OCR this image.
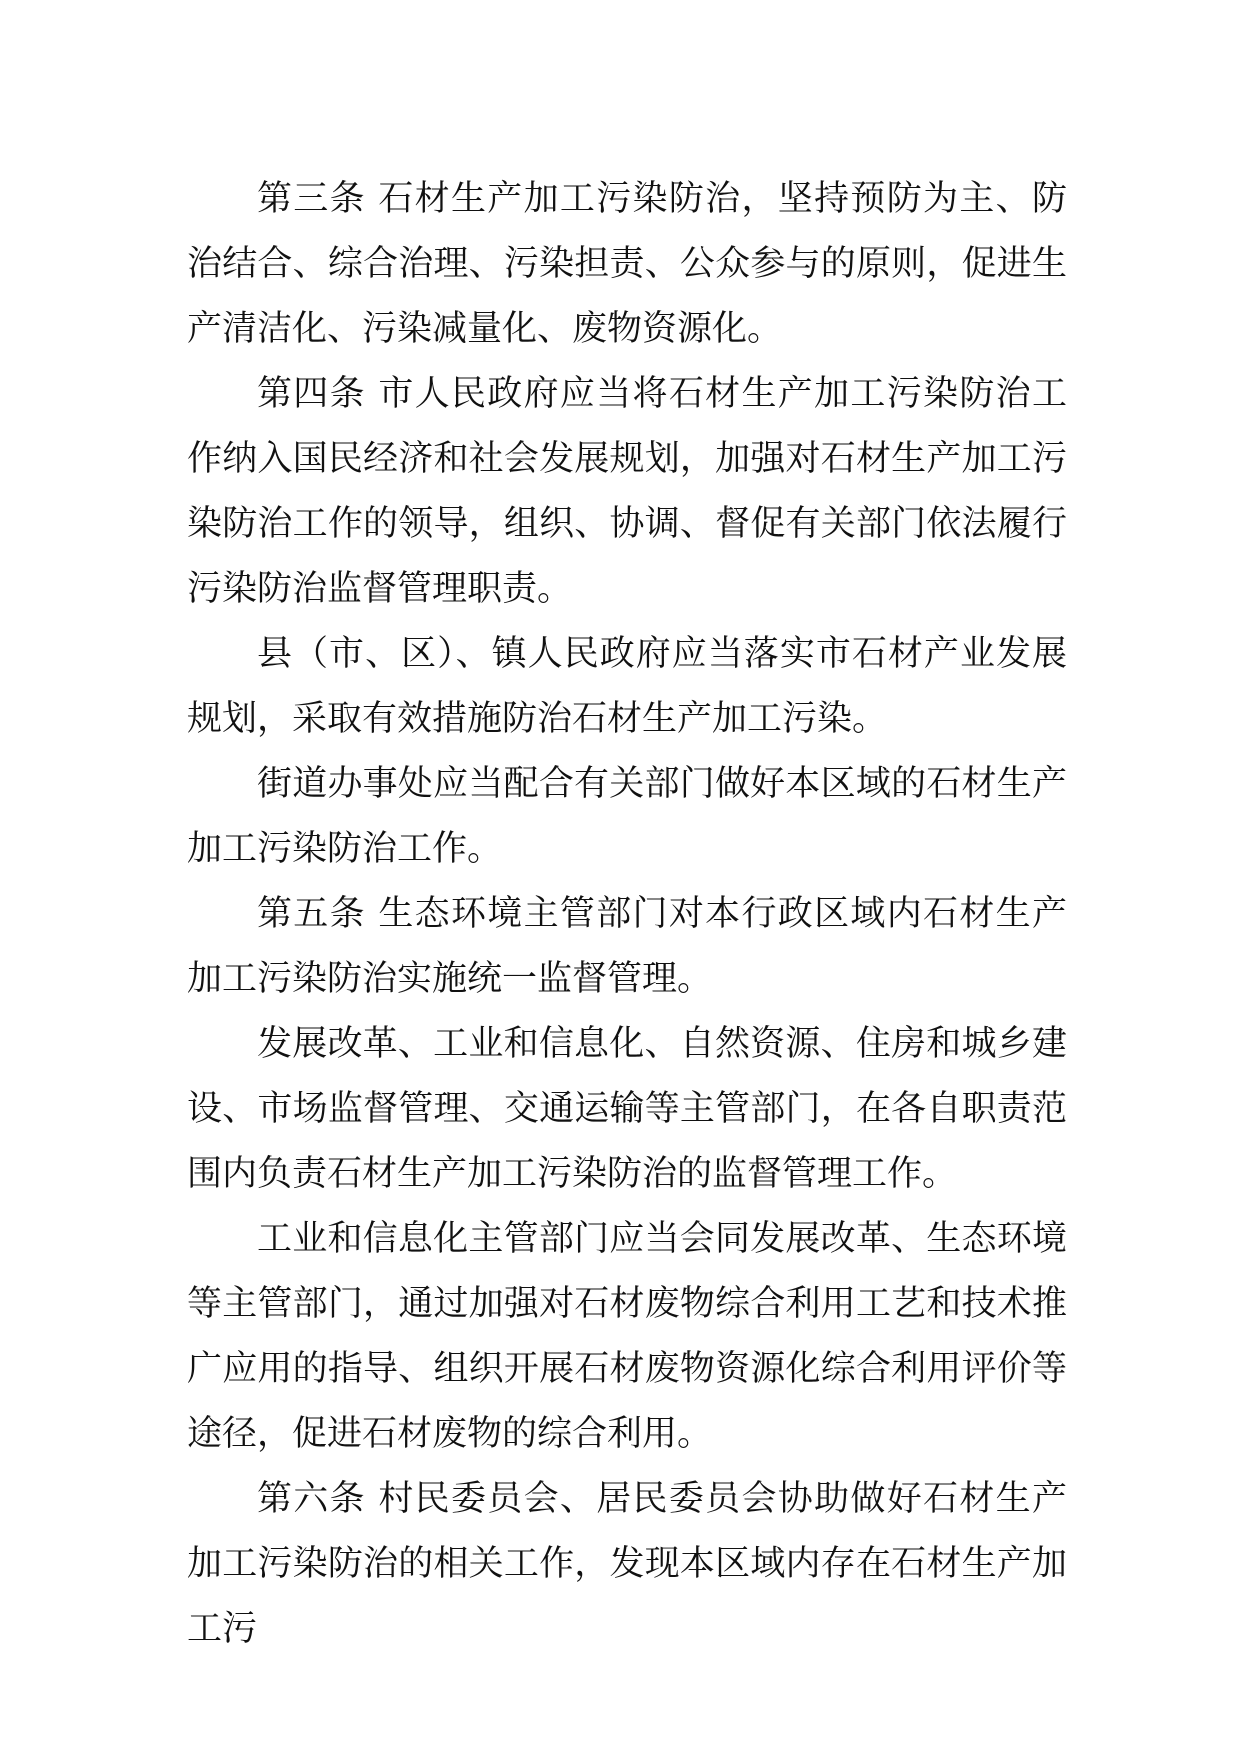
第三条 石材生产加工污染防治，坚持预防为主、防治结合、综合治理、污染担责、公众参与的原则，促进生产清洁化、污染减量化、废物资源化。

第四条 市人民政府应当将石材生产加工污染防治工作纳入国民经济和社会发展规划，加强对石材生产加工污染防治工作的领导，组织、协调、督促有关部门依法履行污染防治监督管理职责。

县（市、区）、镇人民政府应当落实市石材产业发展规划，采取有效措施防治石材生产加工污染。

街道办事处应当配合有关部门做好本区域的石材生产加工污染防治工作。

第五条 生态环境主管部门对本行政区域内石材生产加工污染防治实施统一监督管理。

发展改革、工业和信息化、自然资源、住房和城乡建设、市场监督管理、交通运输等主管部门，在各自职责范围内负责石材生产加工污染防治的监督管理工作。

工业和信息化主管部门应当会同发展改革、生态环境等主管部门，通过加强对石材废物综合利用工艺和技术推广应用的指导、组织开展石材废物资源化综合利用评价等途径，促进石材废物的综合利用。

第六条 村民委员会、居民委员会协助做好石材生产加工污染防治的相关工作，发现本区域内存在石材生产加工污
